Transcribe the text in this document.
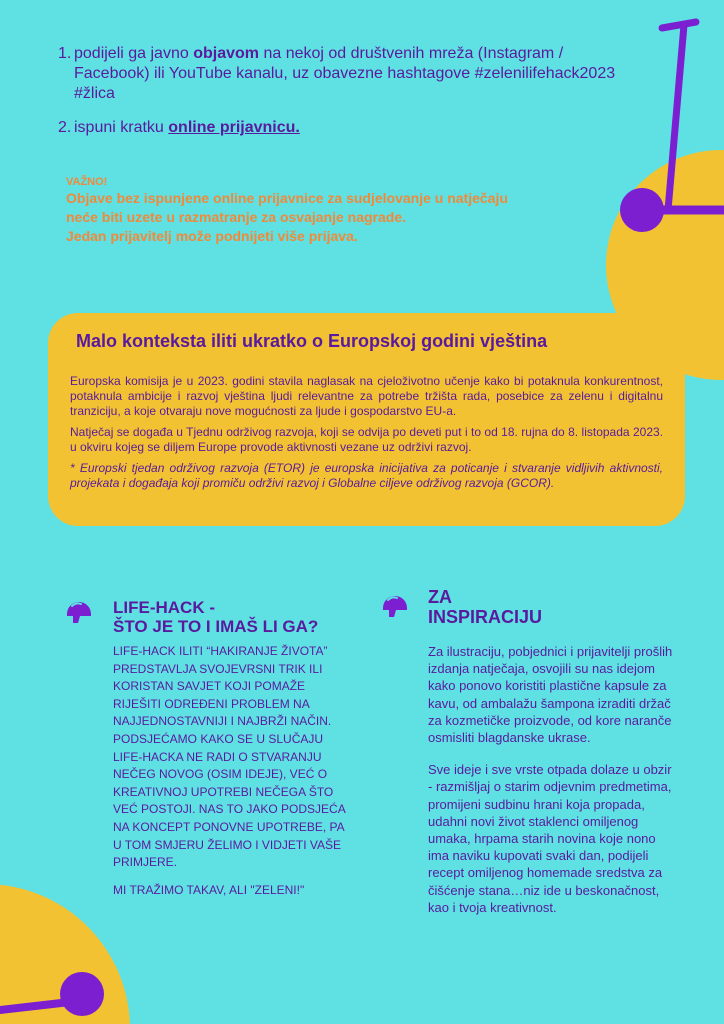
1. podijeli ga javno objavom na nekoj od društvenih mreža (Instagram / Facebook) ili YouTube kanalu, uz obavezne hashtagove #zelenilifehack2023 #žlica
2. ispuni kratku online prijavnicu.
VAŽNO!
Objave bez ispunjene online prijavnice za sudjelovanje u natječaju
neće biti uzete u razmatranje za osvajanje nagrade.
Jedan prijavitelj može podnijeti više prijava.
Malo konteksta iliti ukratko o Europskoj godini vještina

Europska komisija je u 2023. godini stavila naglasak na cjeloživotno učenje kako bi potaknula konkurentnost, potaknula ambicije i razvoj vještina ljudi relevantne za potrebe tržišta rada, posebice za zelenu i digitalnu tranziciju, a koje otvaraju nove mogućnosti za ljude i gospodarstvo EU-a.

Natječaj se događa u Tjednu održivog razvoja, koji se odvija po deveti put i to od 18. rujna do 8. listopada 2023. u okviru kojeg se diljem Europe provode aktivnosti vezane uz održivi razvoj.

* Europski tjedan održivog razvoja (ETOR) je europska inicijativa za poticanje i stvaranje vidljivih aktivnosti, projekata i događaja koji promiču održivi razvoj i Globalne ciljeve održivog razvoja (GCOR).

LIFE-HACK -
ŠTO JE TO I IMAŠ LI GA?

LIFE-HACK ILITI “HAKIRANJE ŽIVOTA” PREDSTAVLJA SVOJEVRSNI TRIK ILI KORISTAN SAVJET KOJI POMAŽE RIJEŠITI ODREĐENI PROBLEM NA NAJJEDNOSTAVNIJI I NAJBRŽI NAČIN. PODSJEĆAMO KAKO SE U SLUČAJU LIFE-HACKA NE RADI O STVARANJU NEČEG NOVOG (OSIM IDEJE), VEĆ O KREATIVNOJ UPOTREBI NEČEGA ŠTO VEĆ POSTOJI. NAS TO JAKO PODSJEĆA NA KONCEPT PONOVNE UPOTREBE, PA U TOM SMJERU ŽELIMO I VIDJETI VAŠE PRIMJERE.

MI TRAŽIMO TAKAV, ALI "ZELENI!"

ZA
INSPIRACIJU

Za ilustraciju, pobjednici i prijavitelji prošlih izdanja natječaja, osvojili su nas idejom kako ponovo koristiti plastične kapsule za kavu, od ambalažu šampona izraditi držač za kozmetičke proizvode, od kore naranče osmisliti blagdanske ukrase.

Sve ideje i sve vrste otpada dolaze u obzir - razmišljaj o starim odjevnim predmetima, promijeni sudbinu hrani koja propada, udahni novi život staklenci omiljenog umaka, hrpama starih novina koje nono ima naviku kupovati svaki dan, podijeli recept omiljenog homemade sredstva za čišćenje stana…niz ide u beskonačnost, kao i tvoja kreativnost.
